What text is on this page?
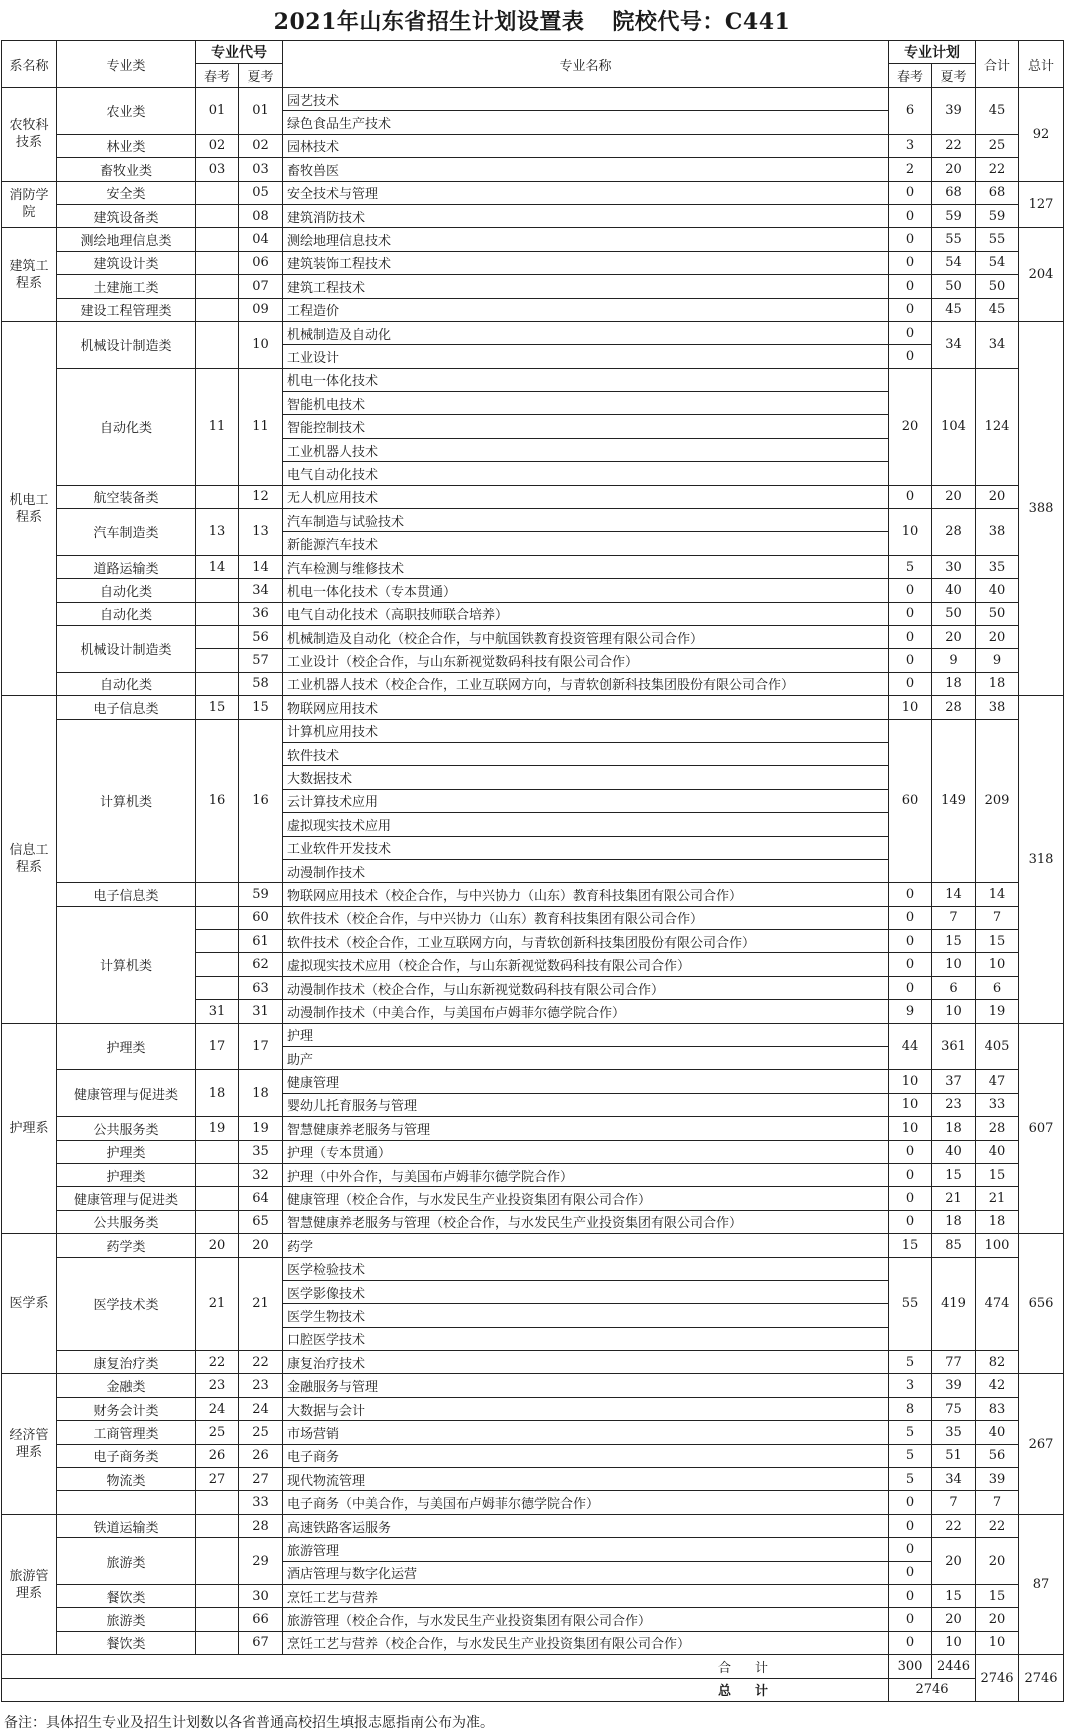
2021年山东省招生计划设置表 院校代号：C441
系名称	专业类	专业代号		专业名称	专业计划		合计	总计
		春考	夏考		春考	夏考		
农牧科技系	农业类	01	01	园艺技术	6	39	45	92
				绿色食品生产技术				
	林业类	02	02	园林技术	3	22	25	
	畜牧业类	03	03	畜牧兽医	2	20	22	
消防学院	安全类		05	安全技术与管理	0	68	68	127
	建筑设备类		08	建筑消防技术	0	59	59	
建筑工程系	测绘地理信息类		04	测绘地理信息技术	0	55	55	204
	建筑设计类		06	建筑装饰工程技术	0	54	54	
	土建施工类		07	建筑工程技术	0	50	50	
	建设工程管理类		09	工程造价	0	45	45	
机电工程系	机械设计制造类		10	机械制造及自动化	0	34	34	388
				工业设计	0			
	自动化类	11	11	机电一体化技术	20	104	124	
				智能机电技术				
				智能控制技术				
				工业机器人技术				
				电气自动化技术				
	航空装备类		12	无人机应用技术	0	20	20	
	汽车制造类	13	13	汽车制造与试验技术	10	28	38	
				新能源汽车技术				
	道路运输类	14	14	汽车检测与维修技术	5	30	35	
	自动化类		34	机电一体化技术（专本贯通）	0	40	40	
	自动化类		36	电气自动化技术（高职技师联合培养）	0	50	50	
	机械设计制造类		56	机械制造及自动化（校企合作，与中航国铁教育投资管理有限公司合作）	0	20	20	
			57	工业设计（校企合作，与山东新视觉数码科技有限公司合作）	0	9	9	
	自动化类		58	工业机器人技术（校企合作，工业互联网方向，与青软创新科技集团股份有限公司合作）	0	18	18	
信息工程系	电子信息类	15	15	物联网应用技术	10	28	38	318
	计算机类	16	16	计算机应用技术	60	149	209	
				软件技术				
				大数据技术				
				云计算技术应用				
				虚拟现实技术应用				
				工业软件开发技术				
				动漫制作技术				
	电子信息类		59	物联网应用技术（校企合作，与中兴协力（山东）教育科技集团有限公司合作）	0	14	14	
	计算机类		60	软件技术（校企合作，与中兴协力（山东）教育科技集团有限公司合作）	0	7	7	
			61	软件技术（校企合作，工业互联网方向，与青软创新科技集团股份有限公司合作）	0	15	15	
			62	虚拟现实技术应用（校企合作，与山东新视觉数码科技有限公司合作）	0	10	10	
			63	动漫制作技术（校企合作，与山东新视觉数码科技有限公司合作）	0	6	6	
		31	31	动漫制作技术（中美合作，与美国布卢姆菲尔德学院合作）	9	10	19	
护理系	护理类	17	17	护理	44	361	405	607
				助产				
	健康管理与促进类	18	18	健康管理	10	37	47	
				婴幼儿托育服务与管理	10	23	33	
	公共服务类	19	19	智慧健康养老服务与管理	10	18	28	
	护理类		35	护理（专本贯通）	0	40	40	
	护理类		32	护理（中外合作，与美国布卢姆菲尔德学院合作）	0	15	15	
	健康管理与促进类		64	健康管理（校企合作，与水发民生产业投资集团有限公司合作）	0	21	21	
	公共服务类		65	智慧健康养老服务与管理（校企合作，与水发民生产业投资集团有限公司合作）	0	18	18	
医学系	药学类	20	20	药学	15	85	100	656
	医学技术类	21	21	医学检验技术	55	419	474	
				医学影像技术				
				医学生物技术				
				口腔医学技术				
	康复治疗类	22	22	康复治疗技术	5	77	82	
经济管理系	金融类	23	23	金融服务与管理	3	39	42	267
	财务会计类	24	24	大数据与会计	8	75	83	
	工商管理类	25	25	市场营销	5	35	40	
	电子商务类	26	26	电子商务	5	51	56	
	物流类	27	27	现代物流管理	5	34	39	
			33	电子商务（中美合作，与美国布卢姆菲尔德学院合作）	0	7	7	
旅游管理系	铁道运输类		28	高速铁路客运服务	0	22	22	87
	旅游类		29	旅游管理	0	20	20	
				酒店管理与数字化运营	0			
	餐饮类		30	烹饪工艺与营养	0	15	15	
	旅游类		66	旅游管理（校企合作，与水发民生产业投资集团有限公司合作）	0	20	20	
	餐饮类		67	烹饪工艺与营养（校企合作，与水发民生产业投资集团有限公司合作）	0	10	10	
合计					300	2446	2746	2746
总计					2746			
备注：具体招生专业及招生计划数以各省普通高校招生填报志愿指南公布为准。
